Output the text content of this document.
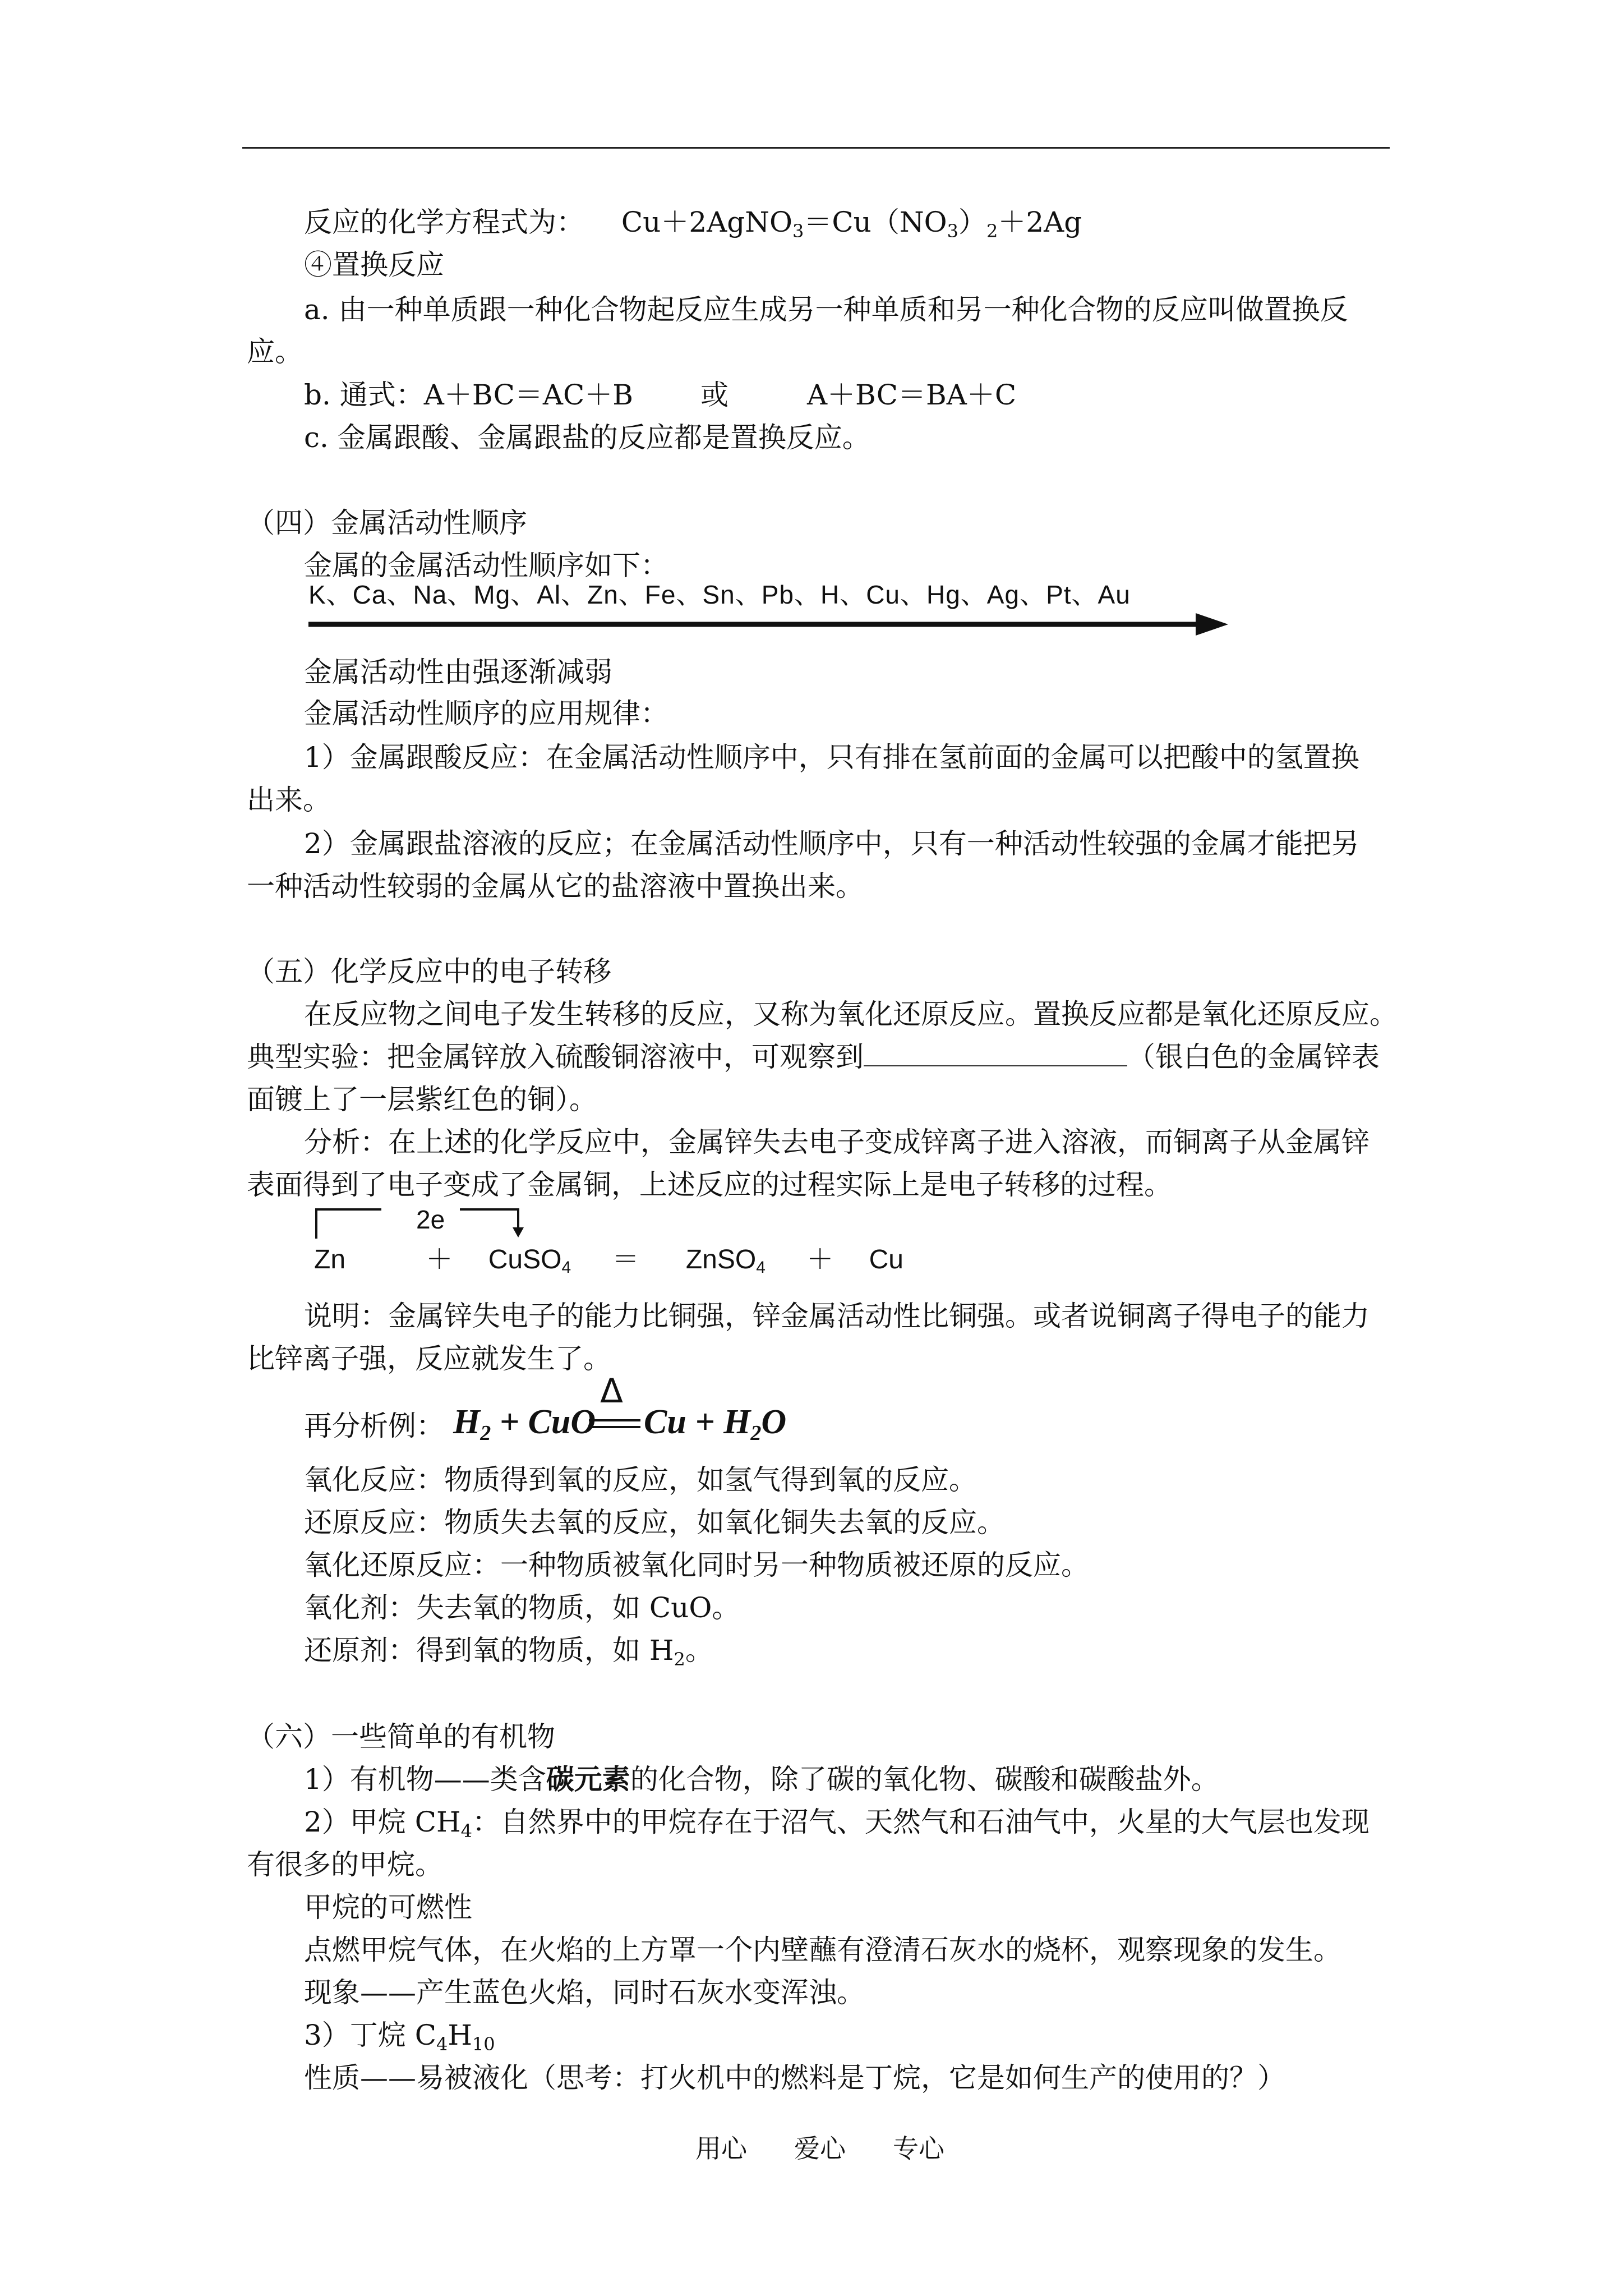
反应的化学方程式为： $Cu+2AgNO_3=Cu(NO_3)_2+2Ag$
④置换反应
a. 由一种单质跟一种化合物起反应生成另一种单质和另一种化合物的反应叫做置换反
应。
b. 通式：A＋BC＝AC＋B 或	A＋BC＝BA＋C
c. 金属跟酸、金属跟盐的反应都是置换反应。
（四）金属活动性顺序
金属的金属活动性顺序如下：
K、Ca、Na、Mg、Al、Zn、Fe、Sn、Pb、H、Cu、Hg、Ag、Pt、Au
金属活动性由强逐渐减弱
金属活动性顺序的应用规律：
1）金属跟酸反应：在金属活动性顺序中，只有排在氢前面的金属可以把酸中的氢置换
出来。
2）金属跟盐溶液的反应；在金属活动性顺序中，只有一种活动性较强的金属才能把另
一种活动性较弱的金属从它的盐溶液中置换出来。
（五）化学反应中的电子转移
在反应物之间电子发生转移的反应，又称为氧化还原反应。置换反应都是氧化还原反应。
典型实验：把金属锌放入硫酸铜溶液中，可观察到	（银白色的金属锌表
面镀上了一层紫红色的铜）。
分析：在上述的化学反应中，金属锌失去电子变成锌离子进入溶液，而铜离子从金属锌
表面得到了电子变成了金属铜，上述反应的过程实际上是电子转移的过程。
2e
Zn	＋ CuSO$_4$ ＝ ZnSO$_4$ ＋ Cu
说明：金属锌失电子的能力比铜强，锌金属活动性比铜强。或者说铜离子得电子的能力
比锌离子强，反应就发生了。
再分析例：
Δ
$H_2$ + CuO $Cu + H_2O$
氧化反应：物质得到氧的反应，如氢气得到氧的反应。
还原反应：物质失去氧的反应，如氧化铜失去氧的反应。
氧化还原反应：一种物质被氧化同时另一种物质被还原的反应。
氧化剂：失去氧的物质，如 CuO。
还原剂：得到氧的物质，如 $H_2$。
（六）一些简单的有机物
1）有机物——类含碳元素的化合物，除了碳的氧化物、碳酸和碳酸盐外。
2）甲烷 $CH_4$：自然界中的甲烷存在于沼气、天然气和石油气中，火星的大气层也发现
有很多的甲烷。
甲烷的可燃性
点燃甲烷气体，在火焰的上方罩一个内壁蘸有澄清石灰水的烧杯，观察现象的发生。
现象——产生蓝色火焰，同时石灰水变浑浊。
3）丁烷 $C_4H_{10}$
性质——易被液化（思考：打火机中的燃料是丁烷，它是如何生产的使用的？）
用心 爱心 专心
